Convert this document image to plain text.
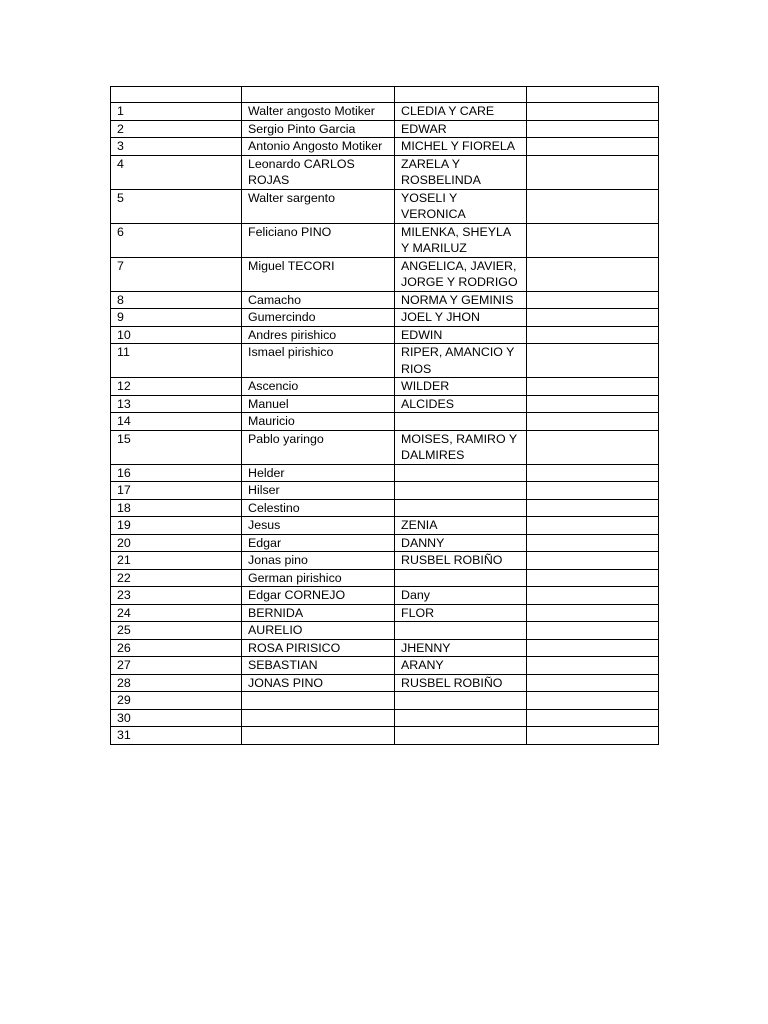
1	Walter angosto Motiker	CLEDIA Y CARE	
2	Sergio Pinto Garcia	EDWAR	
3	Antonio Angosto Motiker	MICHEL Y FIORELA	
4	Leonardo CARLOS ROJAS	ZARELA Y ROSBELINDA	
5	Walter sargento	YOSELI Y VERONICA	
6	Feliciano PINO	MILENKA, SHEYLA Y MARILUZ	
7	Miguel TECORI	ANGELICA, JAVIER, JORGE Y RODRIGO	
8	Camacho	NORMA Y GEMINIS	
9	Gumercindo	JOEL Y JHON	
10	Andres pirishico	EDWIN	
11	Ismael pirishico	RIPER, AMANCIO Y RIOS	
12	Ascencio	WILDER	
13	Manuel	ALCIDES	
14	Mauricio		
15	Pablo yaringo	MOISES, RAMIRO Y DALMIRES	
16	Helder		
17	Hilser		
18	Celestino		
19	Jesus	ZENIA	
20	Edgar	DANNY	
21	Jonas pino	RUSBEL ROBIÑO	
22	German pirishico		
23	Edgar CORNEJO	Dany	
24	BERNIDA	FLOR	
25	AURELIO		
26	ROSA PIRISICO	JHENNY	
27	SEBASTIAN	ARANY	
28	JONAS PINO	RUSBEL ROBIÑO	
29			
30			
31			
